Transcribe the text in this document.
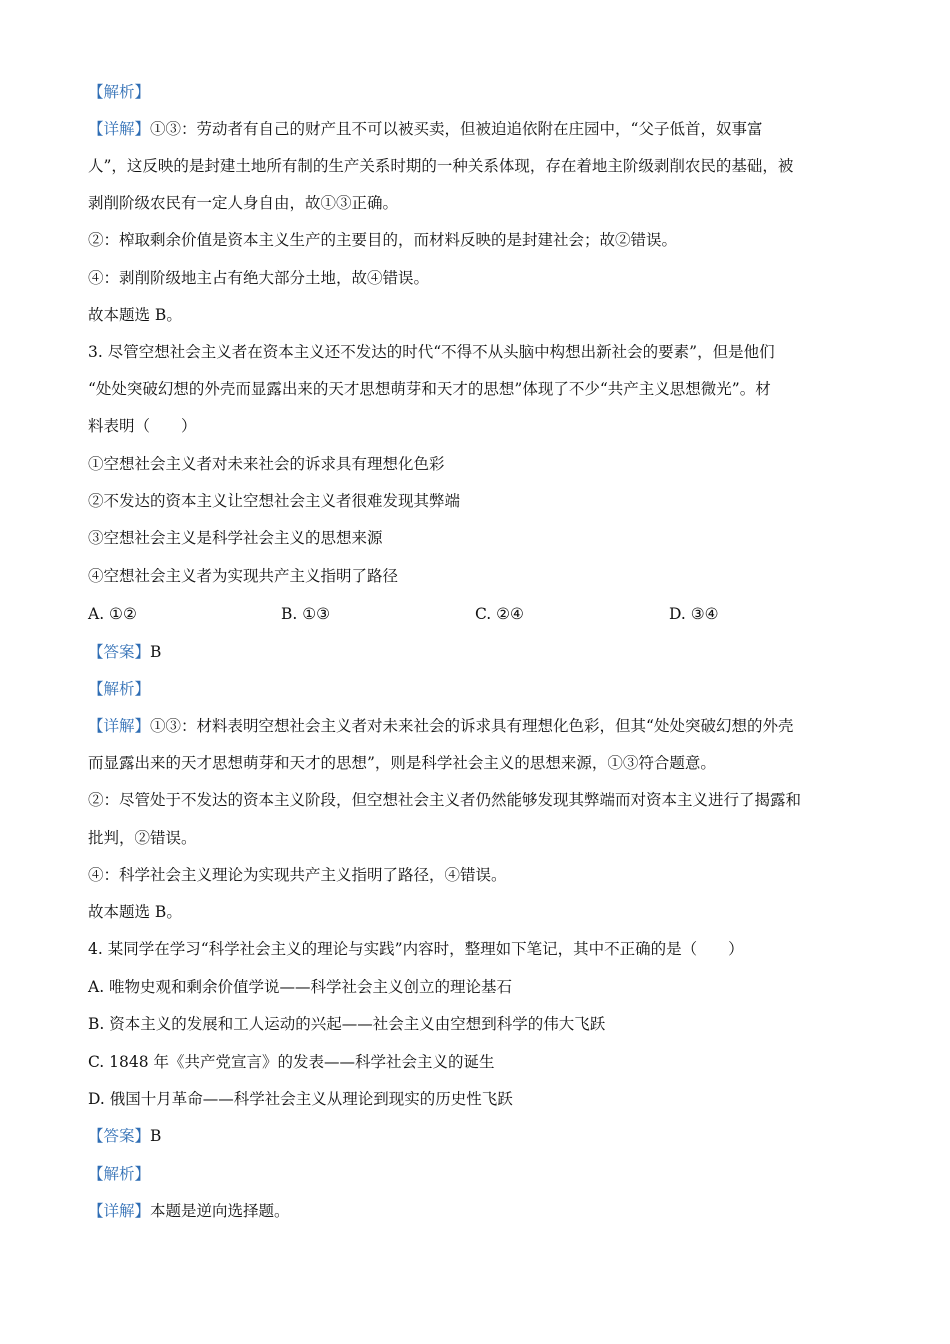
【解析】
【详解】①③：劳动者有自己的财产且不可以被买卖，但被迫追依附在庄园中，“父子低首，奴事富
人”，这反映的是封建土地所有制的生产关系时期的一种关系体现，存在着地主阶级剥削农民的基础，被
剥削阶级农民有一定人身自由，故①③正确。
②：榨取剩余价值是资本主义生产的主要目的，而材料反映的是封建社会；故②错误。
④：剥削阶级地主占有绝大部分土地，故④错误。
故本题选 B。
3. 尽管空想社会主义者在资本主义还不发达的时代“不得不从头脑中构想出新社会的要素”，但是他们
“处处突破幻想的外壳而显露出来的天才思想萌芽和天才的思想”体现了不少“共产主义思想微光”。材
料表明（　　）
①空想社会主义者对未来社会的诉求具有理想化色彩
②不发达的资本主义让空想社会主义者很难发现其弊端
③空想社会主义是科学社会主义的思想来源
④空想社会主义者为实现共产主义指明了路径
A. ①②	B. ①③	C. ②④	D. ③④
【答案】B
【解析】
【详解】①③：材料表明空想社会主义者对未来社会的诉求具有理想化色彩，但其“处处突破幻想的外壳
而显露出来的天才思想萌芽和天才的思想”，则是科学社会主义的思想来源，①③符合题意。
②：尽管处于不发达的资本主义阶段，但空想社会主义者仍然能够发现其弊端而对资本主义进行了揭露和
批判，②错误。
④：科学社会主义理论为实现共产主义指明了路径，④错误。
故本题选 B。
4. 某同学在学习“科学社会主义的理论与实践”内容时，整理如下笔记，其中不正确的是（　　）
A. 唯物史观和剩余价值学说——科学社会主义创立的理论基石
B. 资本主义的发展和工人运动的兴起——社会主义由空想到科学的伟大飞跃
C. 1848 年《共产党宣言》的发表——科学社会主义的诞生
D. 俄国十月革命——科学社会主义从理论到现实的历史性飞跃
【答案】B
【解析】
【详解】本题是逆向选择题。
